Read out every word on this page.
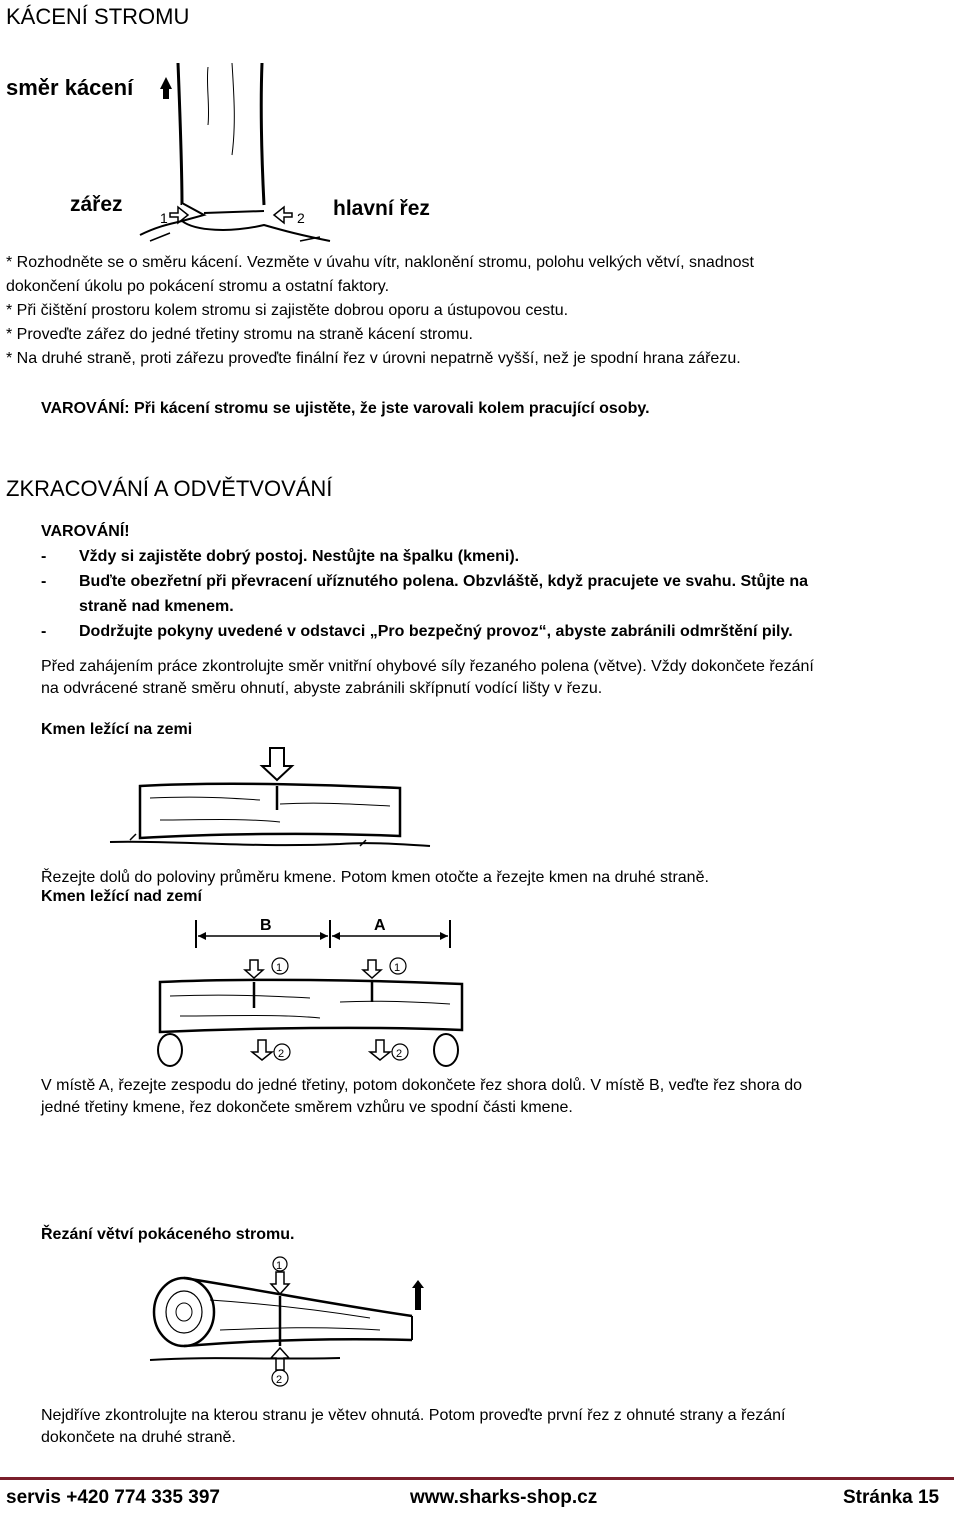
KÁCENÍ STROMU
směr kácení
zářez
1	2 hlavní řez
* Rozhodněte se o směru kácení. Vezměte v úvahu vítr, naklonění stromu, polohu velkých větví, snadnost
dokončení úkolu po pokácení stromu a ostatní faktory.
* Při čištění prostoru kolem stromu si zajistěte dobrou oporu a ústupovou cestu.
* Proveďte zářez do jedné třetiny stromu na straně kácení stromu.
* Na druhé straně, proti zářezu proveďte finální řez v úrovni nepatrně vyšší, než je spodní hrana zářezu.
VAROVÁNÍ: Při kácení stromu se ujistěte, že jste varovali kolem pracující osoby.
ZKRACOVÁNÍ A ODVĚTVOVÁNÍ
VAROVÁNÍ!
- Vždy si zajistěte dobrý postoj. Nestůjte na špalku (kmeni).
- Buďte obezřetní při převracení uříznutého polena. Obzvláště, když pracujete ve svahu. Stůjte na
straně nad kmenem.
- Dodržujte pokyny uvedené v odstavci „Pro bezpečný provoz“, abyste zabránili odmrštění pily.
Před zahájením práce zkontrolujte směr vnitřní ohybové síly řezaného polena (větve). Vždy dokončete řezání
na odvrácené straně směru ohnutí, abyste zabránili skřípnutí vodící lišty v řezu.
Kmen ležící na zemi
Řezejte dolů do poloviny průměru kmene. Potom kmen otočte a řezejte kmen na druhé straně.
Kmen ležící nad zemí
B	A
1	1
2	2
V místě A, řezejte zespodu do jedné třetiny, potom dokončete řez shora dolů. V místě B, veďte řez shora do
jedné třetiny kmene, řez dokončete směrem vzhůru ve spodní části kmene.
Řezání větví pokáceného stromu.
1
2
Nejdříve zkontrolujte na kterou stranu je větev ohnutá. Potom proveďte první řez z ohnuté strany a řezání
dokončete na druhé straně.
servis +420 774 335 397	www.sharks-shop.cz	Stránka 15
